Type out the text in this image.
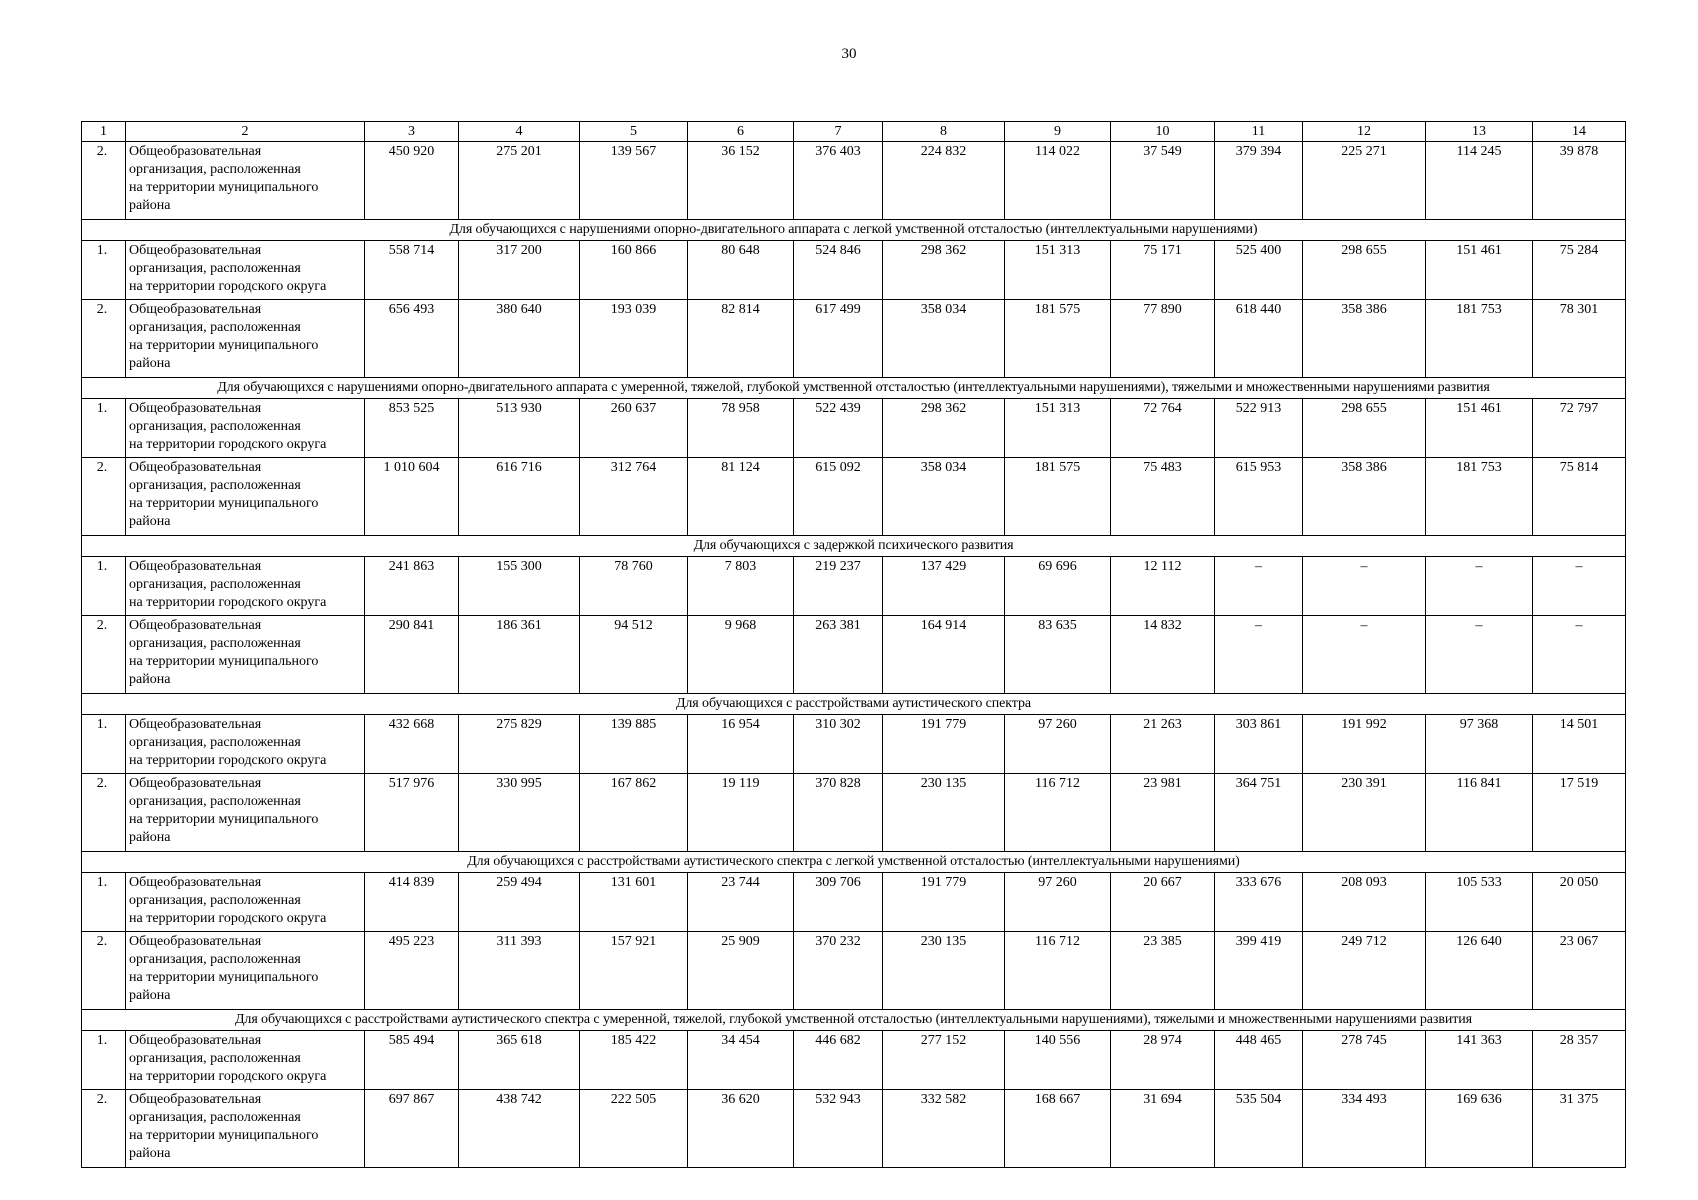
30
1	2	3	4	5	6	7	8	9	10	11	12	13	14
2.	Общеобразовательная
организация, расположенная
на территории муниципального
района	450 920	275 201	139 567	36 152	376 403	224 832	114 022	37 549	379 394	225 271	114 245	39 878
Для обучающихся с нарушениями опорно-двигательного аппарата с легкой умственной отсталостью (интеллектуальными нарушениями)													
1.	Общеобразовательная
организация, расположенная
на территории городского округа	558 714	317 200	160 866	80 648	524 846	298 362	151 313	75 171	525 400	298 655	151 461	75 284
2.	Общеобразовательная
организация, расположенная
на территории муниципального
района	656 493	380 640	193 039	82 814	617 499	358 034	181 575	77 890	618 440	358 386	181 753	78 301
Для обучающихся с нарушениями опорно-двигательного аппарата с умеренной, тяжелой, глубокой умственной отсталостью (интеллектуальными нарушениями), тяжелыми и множественными нарушениями развития													
1.	Общеобразовательная
организация, расположенная
на территории городского округа	853 525	513 930	260 637	78 958	522 439	298 362	151 313	72 764	522 913	298 655	151 461	72 797
2.	Общеобразовательная
организация, расположенная
на территории муниципального
района	1 010 604	616 716	312 764	81 124	615 092	358 034	181 575	75 483	615 953	358 386	181 753	75 814
Для обучающихся с задержкой психического развития													
1.	Общеобразовательная
организация, расположенная
на территории городского округа	241 863	155 300	78 760	7 803	219 237	137 429	69 696	12 112	–	–	–	–
2.	Общеобразовательная
организация, расположенная
на территории муниципального
района	290 841	186 361	94 512	9 968	263 381	164 914	83 635	14 832	–	–	–	–
Для обучающихся с расстройствами аутистического спектра													
1.	Общеобразовательная
организация, расположенная
на территории городского округа	432 668	275 829	139 885	16 954	310 302	191 779	97 260	21 263	303 861	191 992	97 368	14 501
2.	Общеобразовательная
организация, расположенная
на территории муниципального
района	517 976	330 995	167 862	19 119	370 828	230 135	116 712	23 981	364 751	230 391	116 841	17 519
Для обучающихся с расстройствами аутистического спектра с легкой умственной отсталостью (интеллектуальными нарушениями)													
1.	Общеобразовательная
организация, расположенная
на территории городского округа	414 839	259 494	131 601	23 744	309 706	191 779	97 260	20 667	333 676	208 093	105 533	20 050
2.	Общеобразовательная
организация, расположенная
на территории муниципального
района	495 223	311 393	157 921	25 909	370 232	230 135	116 712	23 385	399 419	249 712	126 640	23 067
Для обучающихся с расстройствами аутистического спектра с умеренной, тяжелой, глубокой умственной отсталостью (интеллектуальными нарушениями), тяжелыми и множественными нарушениями развития													
1.	Общеобразовательная
организация, расположенная
на территории городского округа	585 494	365 618	185 422	34 454	446 682	277 152	140 556	28 974	448 465	278 745	141 363	28 357
2.	Общеобразовательная
организация, расположенная
на территории муниципального
района	697 867	438 742	222 505	36 620	532 943	332 582	168 667	31 694	535 504	334 493	169 636	31 375
